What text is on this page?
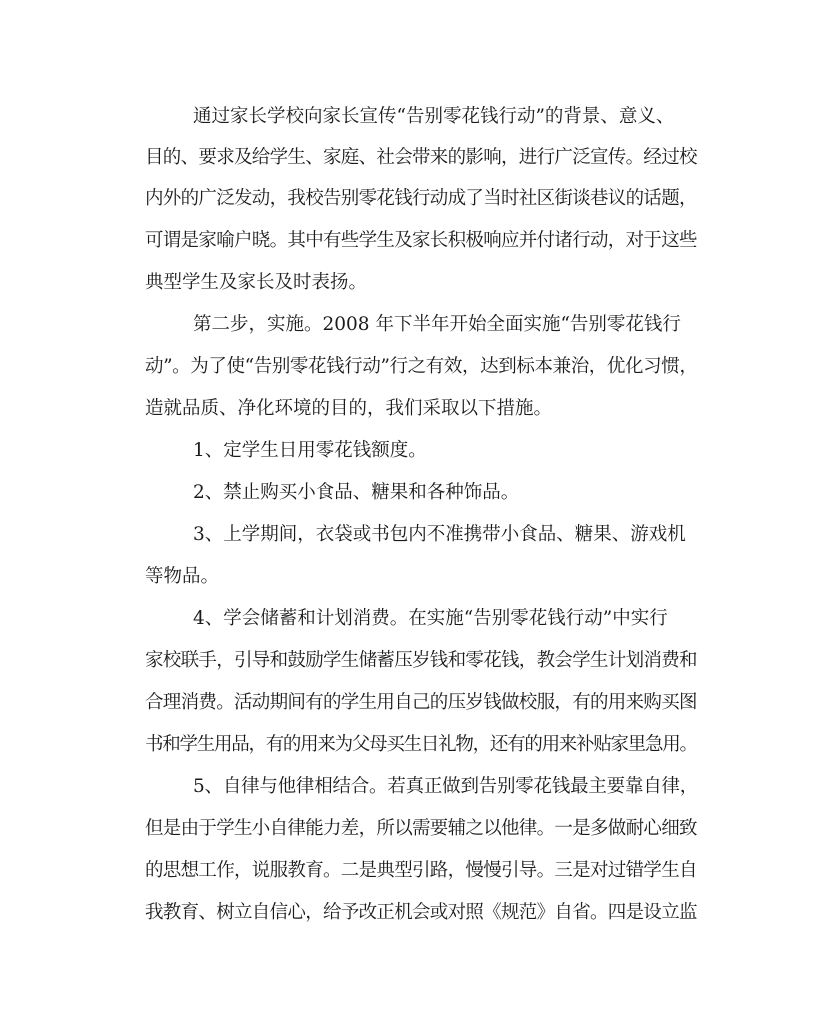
通过家长学校向家长宣传“告别零花钱行动”的背景、意义、
目的、要求及给学生、家庭、社会带来的影响，进行广泛宣传。经过校
内外的广泛发动，我校告别零花钱行动成了当时社区街谈巷议的话题，
可谓是家喻户晓。其中有些学生及家长积极响应并付诸行动，对于这些
典型学生及家长及时表扬。
第二步，实施。2008 年下半年开始全面实施“告别零花钱行
动”。为了使“告别零花钱行动”行之有效，达到标本兼治，优化习惯，
造就品质、净化环境的目的，我们采取以下措施。
1、定学生日用零花钱额度。
2、禁止购买小食品、糖果和各种饰品。
3、上学期间，衣袋或书包内不准携带小食品、糖果、游戏机
等物品。
4、学会储蓄和计划消费。在实施“告别零花钱行动”中实行
家校联手，引导和鼓励学生储蓄压岁钱和零花钱，教会学生计划消费和
合理消费。活动期间有的学生用自己的压岁钱做校服，有的用来购买图
书和学生用品，有的用来为父母买生日礼物，还有的用来补贴家里急用。
5、自律与他律相结合。若真正做到告别零花钱最主要靠自律，
但是由于学生小自律能力差，所以需要辅之以他律。一是多做耐心细致
的思想工作，说服教育。二是典型引路，慢慢引导。三是对过错学生自
我教育、树立自信心，给予改正机会或对照《规范》自省。四是设立监
